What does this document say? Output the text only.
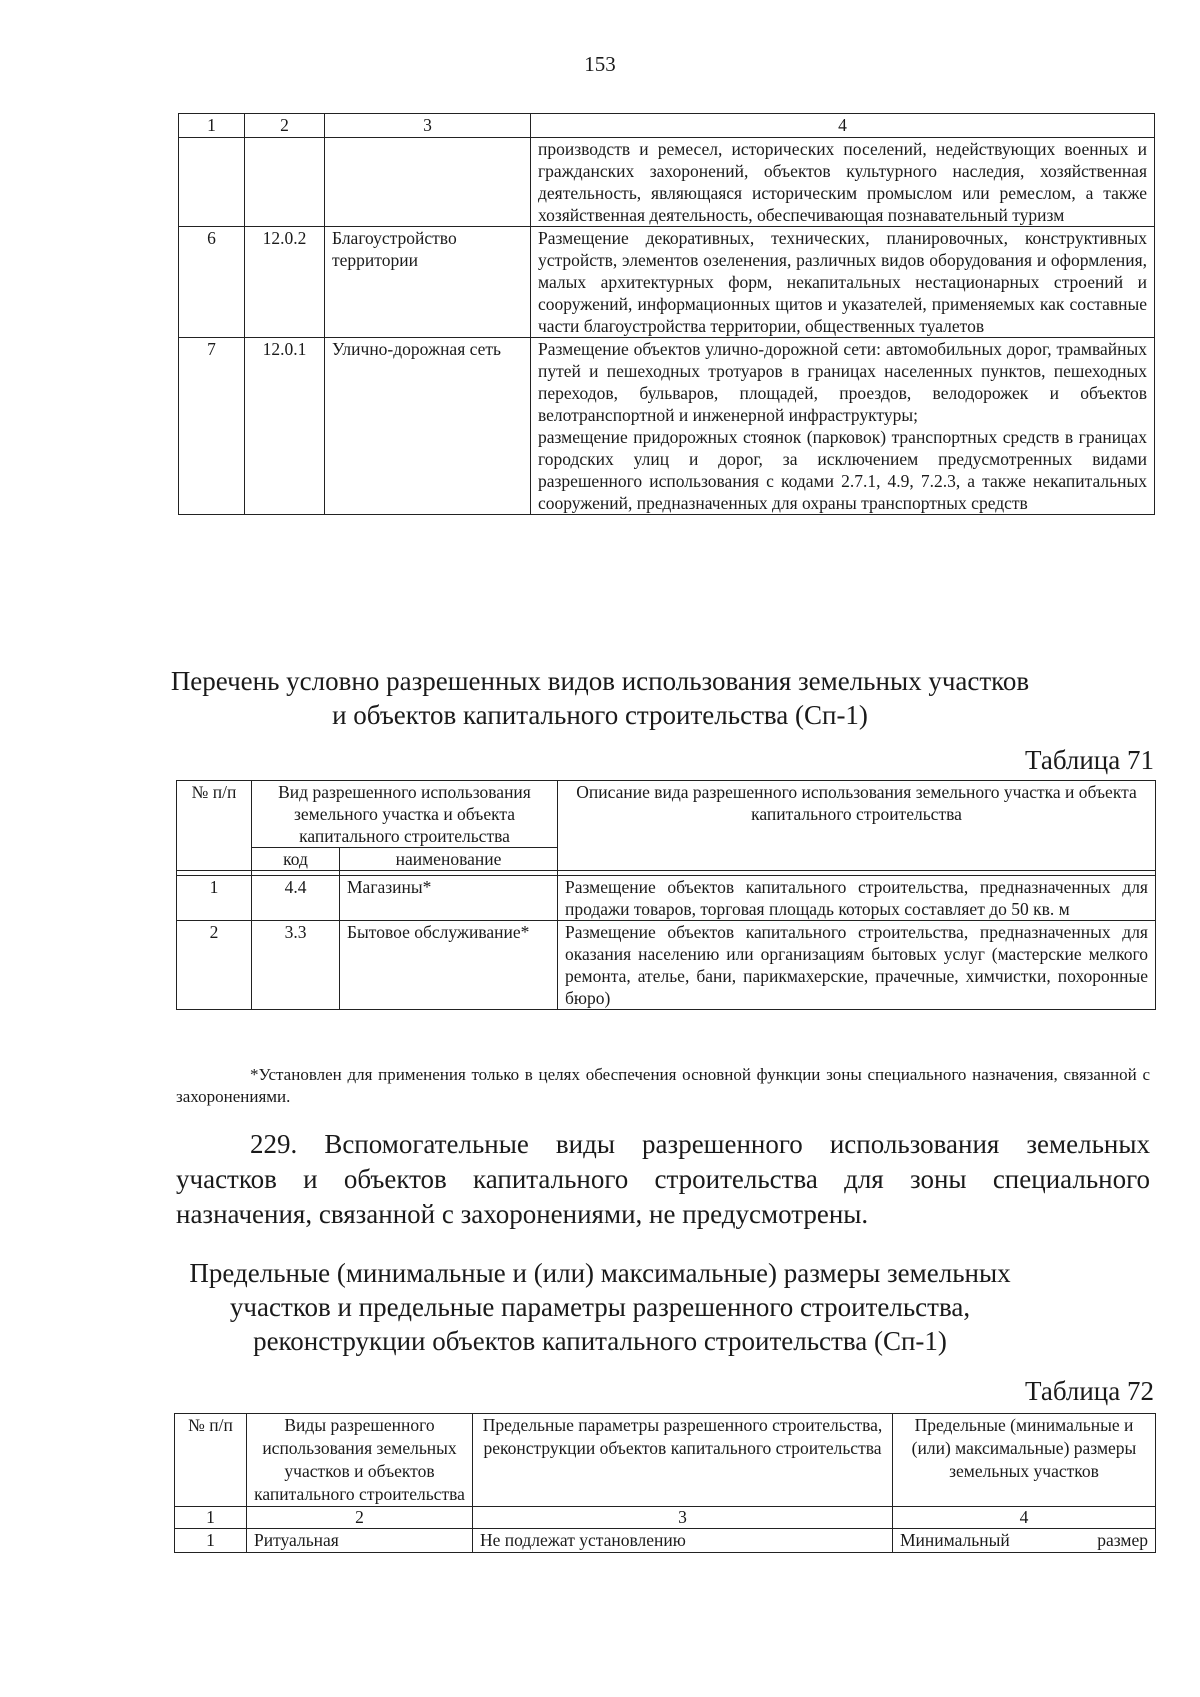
153
1	2	3	4
			производств и ремесел, исторических поселений, недействующих военных и гражданских захоронений, объектов культурного наследия, хозяйственная деятельность, являющаяся историческим промыслом или ремеслом, а также хозяйственная деятельность, обеспечивающая познавательный туризм
6	12.0.2	Благоустройство территории	Размещение декоративных, технических, планировочных, конструктивных устройств, элементов озеленения, различных видов оборудования и оформления, малых архитектурных форм, некапитальных нестационарных строений и сооружений, информационных щитов и указателей, применяемых как составные части благоустройства территории, общественных туалетов
7	12.0.1	Улично-дорожная сеть	Размещение объектов улично-дорожной сети: автомобильных дорог, трамвайных путей и пешеходных тротуаров в границах населенных пунктов, пешеходных переходов, бульваров, площадей, проездов, велодорожек и объектов велотранспортной и инженерной инфраструктуры;
размещение придорожных стоянок (парковок) транспортных средств в границах городских улиц и дорог, за исключением предусмотренных видами разрешенного использования с кодами 2.7.1, 4.9, 7.2.3, а также некапитальных сооружений, предназначенных для охраны транспортных средств
Перечень условно разрешенных видов использования земельных участков
и объектов капитального строительства (Сп-1)
Таблица 71
№ п/п	Вид разрешенного использования земельного участка и объекта капитального строительства		Описание вида разрешенного использования земельного участка и объекта капитального строительства
	код	наименование	

1	4.4	Магазины*	Размещение объектов капитального строительства, предназначенных для продажи товаров, торговая площадь которых составляет до 50 кв. м
2	3.3	Бытовое обслуживание*	Размещение объектов капитального строительства, предназначенных для оказания населению или организациям бытовых услуг (мастерские мелкого ремонта, ателье, бани, парикмахерские, прачечные, химчистки, похоронные бюро)
*Установлен для применения только в целях обеспечения основной функции зоны специального назначения, связанной с захоронениями.
229. Вспомогательные виды разрешенного использования земельных участков и объектов капитального строительства для зоны специального назначения, связанной с захоронениями, не предусмотрены.
Предельные (минимальные и (или) максимальные) размеры земельных
участков и предельные параметры разрешенного строительства,
реконструкции объектов капитального строительства (Сп-1)
Таблица 72
№ п/п	Виды разрешенного использования земельных участков и объектов капитального строительства	Предельные параметры разрешенного строительства, реконструкции объектов капитального строительства	Предельные (минимальные и (или) максимальные) размеры земельных участков
1	2	3	4
1	Ритуальная	Не подлежат установлению	Минимальный размер
